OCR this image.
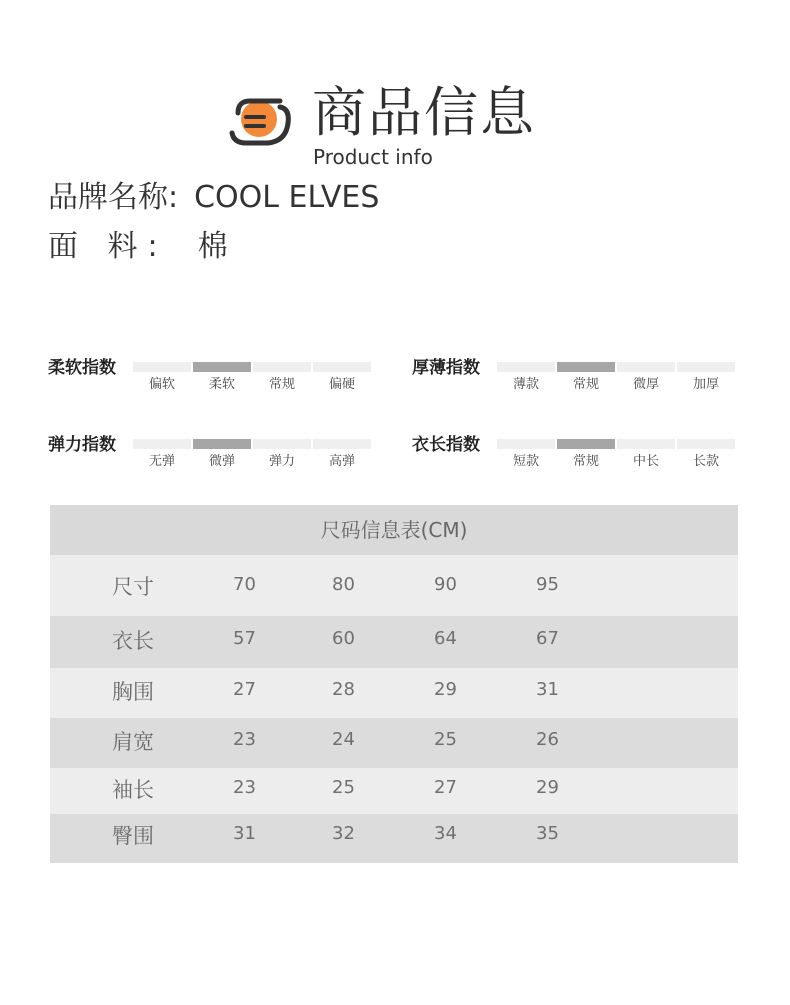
商品信息
Product info
品牌名称: COOL ELVES
面 料: 棉
柔软指数
偏软	柔软	常规	偏硬
厚薄指数
薄款	常规	微厚	加厚
弹力指数
无弹	微弹	弹力	高弹
衣长指数
短款	常规	中长	长款
尺码信息表(CM)
尺寸	70	80	90	95
衣长	57	60	64	67
胸围	27	28	29	31
肩宽	23	24	25	26
袖长	23	25	27	29
臀围	31	32	34	35
